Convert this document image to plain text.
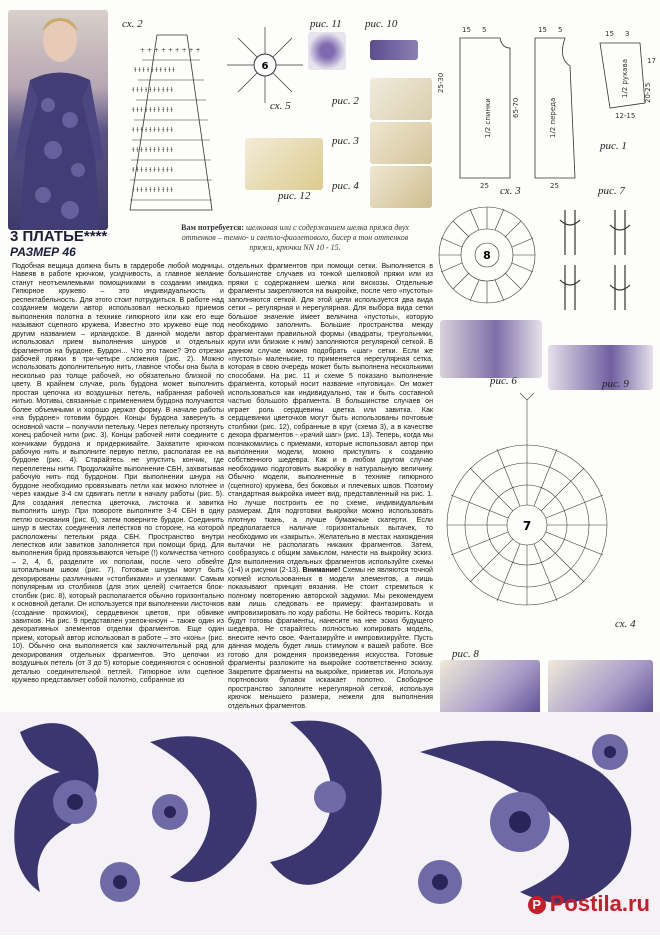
+ + + + + + + + +
ɫ ɫ ɫ ɫ ɫ ɫ ɫ ɫ ɫ ɫ
ɫ ɫ ɫ ɫ ɫ ɫ ɫ ɫ ɫ ɫ
ɫ ɫ ɫ ɫ ɫ ɫ ɫ ɫ ɫ ɫ
ɫ ɫ ɫ ɫ ɫ ɫ ɫ ɫ ɫ ɫ
ɫ ɫ ɫ ɫ ɫ ɫ ɫ ɫ ɫ ɫ
ɫ ɫ ɫ ɫ ɫ ɫ ɫ ɫ ɫ ɫ
ɫ ɫ ɫ ɫ ɫ ɫ ɫ ɫ ɫ ɫ
сх. 2
6
сх. 5
рис. 11 рис. 10
рис. 2
рис. 3
рис. 12
рис. 4
15 5	15 5	15 3
25	25
25-30
65-70
1/2 спинки	1/2 переда
17
20-25
1/2 рукава
12-15
рис. 1
сх. 3
8
рис. 7
рис. 6	рис. 9
7
сх. 4
рис. 8
3 ПЛАТЬЕ****
РАЗМЕР 46
Вам потребуется: шелковая или с содержанием шелка пряжа двух оттенков – темно- и светло-фиолетового, бисер в тон оттенков пряжи, крючки NN 10 - 15.
Подобная вещица должна быть в гардеробе любой модницы. Навеяв в работе крючком, усидчивость, а главное желание станут неотъемлемыми помощниками в создании имиджа. Гипюрное кружево – это индивидуальность и респектабельность. Для этого стоит потрудиться. В работе над созданием модели автор использовал несколько приемов выполнения полотна в технике гипюрного или как его еще называют сцепного кружева. Известно это кружево еще под другим названием – ирландское. В данной модели автор использовал прием выполнения шнуров и отдельных фрагментов на бурдоне. Бурдон… Что это такое? Это отрезки рабочей пряжи в три-четыре сложения (рис. 2). Можно использовать дополнительную нить, главное чтобы она была в несколько раз толще рабочей, но обязательно близкой по цвету. В крайнем случае, роль бурдона может выполнить простая цепочка из воздушных петель, набранная рабочей нитью. Мотивы, связанные с применением бурдона получаются более объемными и хорошо держат форму. В начале работы «на бурдоне» готовим бурдон. Концы бурдона завернуть в основной части – получили петельку. Через петельку протянуть конец рабочей нити (рис. 3). Концы рабочей нити соедините с кончиками бурдона и придерживайте. Захватите крючком рабочую нить и выполните первую петлю, располагая ее на бурдоне (рис. 4). Старайтесь не упустить кончик, где переплетены нити. Продолжайте выполнение СБН, захватывая рабочую нить под бурдоном. При выполнении шнура на бурдоне необходимо провязывать петли как можно плотнее и через каждые 3-4 см сдвигать петли к началу работы (рис. 5). Для создания лепестка цветочка, листочка и завитка выполнить шнур. При повороте выполните 3-4 СБН в одну петлю основания (рис. 6), затем поверните бурдон. Соединить шнур в местах соединения лепестков по стороне, на которой расположены петельки ряда СБН. Пространство внутри лепестков или завитков заполняется при помощи брид. Для выполнения брид провязываются четыре (!) количества четного – 2, 4, 6, разделите их пополам, после чего обвейте штопальным швом (рис. 7). Готовые шнуры могут быть декорированы различными «столбиками» и узелками. Самым популярным из столбиков (для этих целей) считается блок-столбик (рис. 8), который располагается обычно горизонтально к основной детали. Он используется при выполнении листочков (создание прожилок), сердцевинок цветов, при обвивке завитков. На рис. 9 представлен узелок-кноун – также один из декоративных элементов отделки фрагментов. Еще один прием, который автор использовал в работе – это «конь» (рис. 10). Обычно она выполняется как заключительный ряд для декорирования отдельных фрагментов. Это цепочки из воздушных петель (от 3 до 5) которые соединяются с основной деталью соединительной петлей. Гипюрное или сцепное кружево представляет собой полотно, собранное из
отдельных фрагментов при помощи сетки. Выполняется в большинстве случаев из тонкой шелковой пряжи или из пряжи с содержанием шелка или вискозы. Отдельные фрагменты закрепляются на выкройке, после чего «пустоты» заполняются сеткой. Для этой цели используется два вида сетки – регулярная и нерегулярная. Для выбора вида сетки большое значение имеет величина «пустоты», которую необходимо заполнить. Большие пространства между фрагментами правильной формы (квадраты, треугольники, круги или близкие к ним) заполняются регулярной сеткой. В данном случае можно подобрать «шаг» сетки. Если же «пустоты» маленькие, то применяется нерегулярная сетка, которая в свою очередь может быть выполнена несколькими способами. На рис. 11 и схеме 5 показано выполнение фрагмента, который носит название «пуговица». Он может использоваться как индивидуально, так и быть составной частью большого фрагмента. В большинстве случаев он играет роль сердцевины цветка или завитка. Как сердцевинки цветочков могут быть использованы почтовые столбики (рис. 12), собранные в круг (схема 3), а в качестве декора фрагментов - «рачий шаг» (рис. 13). Теперь, когда мы познакомились с приемами, которые использовал автор при выполнении модели, можно приступить к созданию собственного шедевра. Как и в любом другом случае необходимо подготовить выкройку в натуральную величину. Обычно модели, выполненные в технике гипюрного (сцепного) кружева, без боковых и плечевых швов. Поэтому стандартная выкройка имеет вид, представленный на рис. 1. Но лучше построить ее по схеме, индивидуальным размерам. Для подготовки выкройки можно использовать плотную ткань, а лучше бумажные скатерти. Если предполагается наличие горизонтальных вытачек, то необходимо их «закрыть». Желательно в местах нахождения вытачки не располагать никаких фрагментов. Затем, сообразуясь с общим замыслом, нанести на выкройку эскиз. Для выполнения отдельных фрагментов используйте схемы (1-4) и рисунки (2-13). Внимание! Схемы не являются точной копией использованных в модели элементов, а лишь показывают принцип вязания. Не стоит стремиться к полному повторению авторской задумки. Мы рекомендуем вам лишь следовать ее примеру: фантазировать и импровизировать по ходу работы. Не бойтесь творить. Когда будут готовы фрагменты, нанесите на нее эскиз будущего шедевра. Не старайтесь полностью копировать модель, внесите нечто свое. Фантазируйте и импровизируйте. Пусть данная модель будет лишь стимулом к вашей работе. Все готово для рождения произведения искусства. Готовые фрагменты разложите на выкройке соответственно эскизу. Закрепите фрагменты на выкройке, приметав их. Используя портновских булавок искажает полотно. Свободное пространство заполните нерегулярной сеткой, используя крючок меньшего размера, нежели для выполнения отдельных фрагментов.
P Postila.ru
